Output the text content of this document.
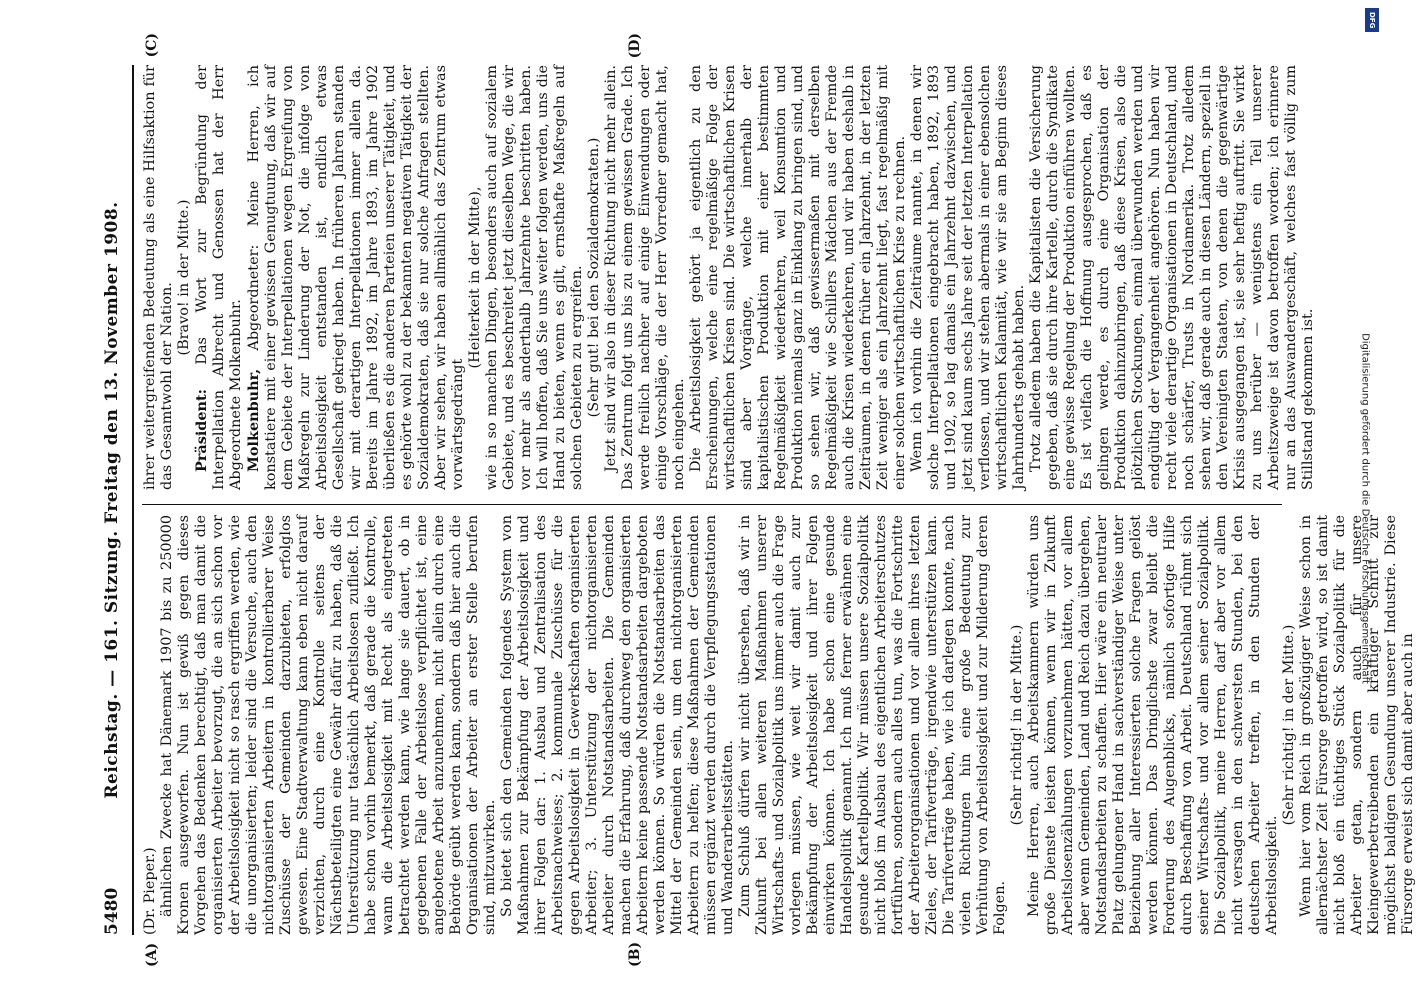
5480
Reichstag. — 161. Sitzung. Freitag den 13. November 1908.
(A)	(B)
(C)	(D)

(Dr. Pieper.) ähnlichen Zwecke hat Dänemark 1907 bis zu 250000 Kronen ausgeworfen. Nun ist gewiß gegen dieses Vorgehen das Bedenken berechtigt, daß man damit die organisierten Arbeiter bevorzugt, die an sich schon vor der Arbeitslosigkeit nicht so rasch ergriffen werden, wie die unorganisierten; leider sind die Versuche, auch den nichtorganisierten Arbeitern in kontrollierbarer Weise Zuschüsse der Gemeinden darzubieten, erfolglos gewesen. Eine Stadtverwaltung kann eben nicht darauf verzichten, durch eine Kontrolle seitens der Nächstbeteiligten eine Gewähr dafür zu haben, daß die Unterstützung nur tatsächlich Arbeitslosen zufließt. Ich habe schon vorhin bemerkt, daß gerade die Kontrolle, wann die Arbeitslosigkeit mit Recht als eingetreten betrachtet werden kann, wie lange sie dauert, ob in gegebenen Falle der Arbeitslose verpflichtet ist, eine angebotene Arbeit anzunehmen, nicht allein durch eine Behörde geübt werden kann, sondern daß hier auch die Organisationen der Arbeiter an erster Stelle berufen sind, mitzuwirken. So bietet sich den Gemeinden folgendes System von Maßnahmen zur Bekämpfung der Arbeitslosigkeit und ihrer Folgen dar: 1. Ausbau und Zentralisation des Arbeitsnachweises; 2. kommunale Zuschüsse für die gegen Arbeitslosigkeit in Gewerkschaften organisierten Arbeiter; 3. Unterstützung der nichtorganisierten Arbeiter durch Notstandsarbeiten. Die Gemeinden machen die Erfahrung, daß durchweg den organisierten Arbeitern keine passende Notstandsarbeiten dargeboten werden können. So würden die Notstandsarbeiten das Mittel der Gemeinden sein, um den nichtorganisierten Arbeitern zu helfen; diese Maßnahmen der Gemeinden müssen ergänzt werden durch die Verpflegungsstationen und Wanderarbeitsstätten. Zum Schluß dürfen wir nicht übersehen, daß wir in Zukunft bei allen weiteren Maßnahmen unserer Wirtschafts- und Sozialpolitik uns immer auch die Frage vorlegen müssen, wie weit wir damit auch zur Bekämpfung der Arbeitslosigkeit und ihrer Folgen einwirken können. Ich habe schon eine gesunde Handelspolitik genannt. Ich muß ferner erwähnen eine gesunde Kartellpolitik. Wir müssen unsere Sozialpolitik nicht bloß im Ausbau des eigentlichen Arbeiterschutzes fortführen, sondern auch alles tun, was die Fortschritte der Arbeiterorganisationen und vor allem ihres letzten Zieles, der Tarifverträge, irgendwie unterstützen kann. Die Tarifverträge haben, wie ich darlegen konnte, nach vielen Richtungen hin eine große Bedeutung zur Verhütung von Arbeitslosigkeit und zur Milderung deren Folgen.

(Sehr richtig! in der Mitte.) Meine Herren, auch Arbeitskammern würden uns große Dienste leisten können, wenn wir in Zukunft Arbeitslosenzählungen vorzunehmen hätten, vor allem aber wenn Gemeinden, Land und Reich dazu übergehen, Notstandsarbeiten zu schaffen. Hier wäre ein neutraler Platz gelungener Hand in sachverständiger Weise unter Beiziehung aller Interessierten solche Fragen gelöst werden können. Das Dringlichste zwar bleibt die Forderung des Augenblicks, nämlich sofortige Hilfe durch Beschaffung von Arbeit. Deutschland rühmt sich seiner Wirtschafts- und vor allem seiner Sozialpolitik. Die Sozialpolitik, meine Herren, darf aber vor allem nicht versagen in den schwersten Stunden, bei den deutschen Arbeiter treffen, in den Stunden der Arbeitslosigkeit.

(Sehr richtig! in der Mitte.) Wenn hier vom Reich in großzügiger Weise schon in allernächster Zeit Fürsorge getroffen wird, so ist damit nicht bloß ein tüchtiges Stück Sozialpolitik für die Arbeiter getan, sondern auch für unsere Kleingewerbetreibenden ein kräftiger Schritt zur möglichst baldigen Gesundung unserer Industrie. Diese Fürsorge erweist sich damit aber auch in

ihrer weitergreifenden Bedeutung als eine Hilfsaktion für das Gesamtwohl der Nation.

(Bravo! in der Mitte.)

Präsident: Das Wort zur Begründung der Interpellation Albrecht und Genossen hat der Herr Abgeordnete Molkenbuhr. Molkenbuhr, Abgeordneter: Meine Herren, ich konstatiere mit einer gewissen Genugtuung, daß wir auf dem Gebiete der Interpellationen wegen Ergreifung von Maßregeln zur Linderung der Not, die infolge von Arbeitslosigkeit entstanden ist, endlich etwas Gesellschaft gekriegt haben. In früheren Jahren standen wir mit derartigen Interpellationen immer allein da. Bereits im Jahre 1892, im Jahre 1893, im Jahre 1902 überließen es die anderen Parteien unserer Tätigkeit, und es gehörte wohl zu der bekannten negativen Tätigkeit der Sozialdemokraten, daß sie nur solche Anfragen stellten. Aber wir sehen, wir haben allmählich das Zentrum etwas vorwärtsgedrängt

(Heiterkeit in der Mitte), wie in so manchen Dingen, besonders auch auf sozialem Gebiete, und es beschreitet jetzt dieselben Wege, die wir vor mehr als anderthalb Jahrzehnte beschritten haben. Ich will hoffen, daß Sie uns weiter folgen werden, uns die Hand zu bieten, wenn es gilt, ernsthafte Maßregeln auf solchen Gebieten zu ergreifen. (Sehr gut! bei den Sozialdemokraten.) Jetzt sind wir also in dieser Richtung nicht mehr allein. Das Zentrum folgt uns bis zu einem gewissen Grade. Ich werde freilich nachher auf einige Einwendungen oder einige Vorschläge, die der Herr Vorredner gemacht hat, noch eingehen. Die Arbeitslosigkeit gehört ja eigentlich zu den Erscheinungen, welche eine regelmäßige Folge der wirtschaftlichen Krisen sind. Die wirtschaftlichen Krisen sind aber Vorgänge, welche innerhalb der kapitalistischen Produktion mit einer bestimmten Regelmäßigkeit wiederkehren, weil Konsumtion und Produktion niemals ganz in Einklang zu bringen sind, und so sehen wir, daß gewissermaßen mit derselben Regelmäßigkeit wie Schillers Mädchen aus der Fremde auch die Krisen wiederkehren, und wir haben deshalb in Zeiträumen, in denen früher ein Jahrzehnt, in der letzten Zeit weniger als ein Jahrzehnt liegt, fast regelmäßig mit einer solchen wirtschaftlichen Krise zu rechnen. Wenn ich vorhin die Zeiträume nannte, in denen wir solche Interpellationen eingebracht haben, 1892, 1893 und 1902, so lag damals ein Jahrzehnt dazwischen, und jetzt sind kaum sechs Jahre seit der letzten Interpellation verflossen, und wir stehen abermals in einer ebensolchen wirtschaftlichen Kalamität, wie wir sie am Beginn dieses Jahrhunderts gehabt haben. Trotz alledem haben die Kapitalisten die Versicherung gegeben, daß sie durch ihre Kartelle, durch die Syndikate eine gewisse Regelung der Produktion einführen wollten. Es ist vielfach die Hoffnung ausgesprochen, daß es gelingen werde, es durch eine Organisation der Produktion dahinzubringen, daß diese Krisen, also die plötzlichen Stockungen, einmal überwunden werden und endgültig der Vergangenheit angehören. Nun haben wir recht viele derartige Organisationen in Deutschland, und noch schärfer, Trusts in Nordamerika. Trotz alledem sehen wir, daß gerade auch in diesen Ländern, speziell in den Vereinigten Staaten, von denen die gegenwärtige Krisis ausgegangen ist, sie sehr heftig auftritt. Sie wirkt zu uns herüber — wenigstens ein Teil unserer Arbeitszweige ist davon betroffen worden; ich erinnere nur an das Auswandergeschäft, welches fast völlig zum Stillstand gekommen ist.

DFG
Digitalisierung gefördert durch die Deutsche Forschungsgemeinschaft
